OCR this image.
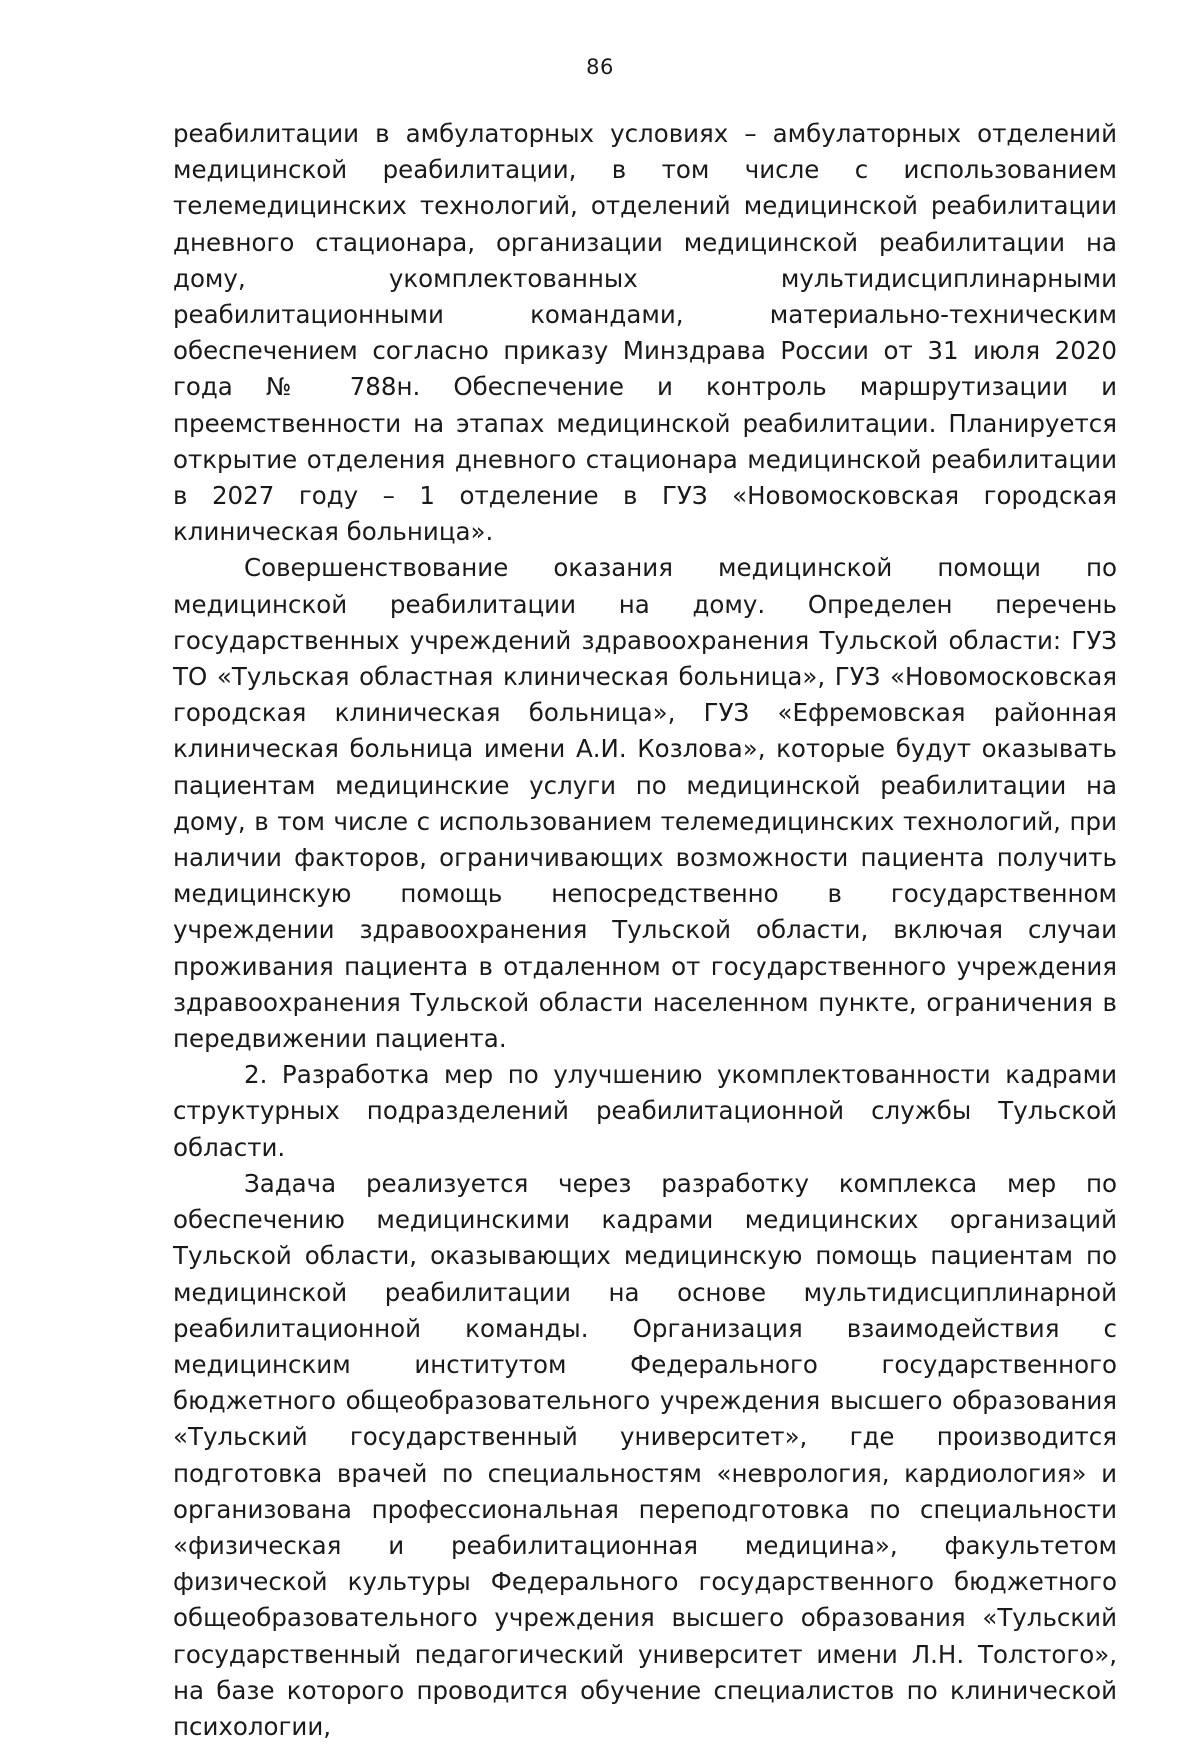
86

реабилитации в амбулаторных условиях – амбулаторных отделений медицинской реабилитации, в том числе с использованием телемедицинских технологий, отделений медицинской реабилитации дневного стационара, организации медицинской реабилитации на дому, укомплектованных мультидисциплинарными реабилитационными командами, материально-техническим обеспечением согласно приказу Минздрава России от 31 июля 2020 года № 788н. Обеспечение и контроль маршрутизации и преемственности на этапах медицинской реабилитации. Планируется открытие отделения дневного стационара медицинской реабилитации в 2027 году – 1 отделение в ГУЗ «Новомосковская городская клиническая больница».

Совершенствование оказания медицинской помощи по медицинской реабилитации на дому. Определен перечень государственных учреждений здравоохранения Тульской области: ГУЗ ТО «Тульская областная клиническая больница», ГУЗ «Новомосковская городская клиническая больница», ГУЗ «Ефремовская районная клиническая больница имени А.И. Козлова», которые будут оказывать пациентам медицинские услуги по медицинской реабилитации на дому, в том числе с использованием телемедицинских технологий, при наличии факторов, ограничивающих возможности пациента получить медицинскую помощь непосредственно в государственном учреждении здравоохранения Тульской области, включая случаи проживания пациента в отдаленном от государственного учреждения здравоохранения Тульской области населенном пункте, ограничения в передвижении пациента.

2. Разработка мер по улучшению укомплектованности кадрами структурных подразделений реабилитационной службы Тульской области.

Задача реализуется через разработку комплекса мер по обеспечению медицинскими кадрами медицинских организаций Тульской области, оказывающих медицинскую помощь пациентам по медицинской реабилитации на основе мультидисциплинарной реабилитационной команды. Организация взаимодействия с медицинским институтом Федерального государственного бюджетного общеобразовательного учреждения высшего образования «Тульский государственный университет», где производится подготовка врачей по специальностям «неврология, кардиология» и организована профессиональная переподготовка по специальности «физическая и реабилитационная медицина», факультетом физической культуры Федерального государственного бюджетного общеобразовательного учреждения высшего образования «Тульский государственный педагогический университет имени Л.Н. Толстого», на базе которого проводится обучение специалистов по клинической психологии,
